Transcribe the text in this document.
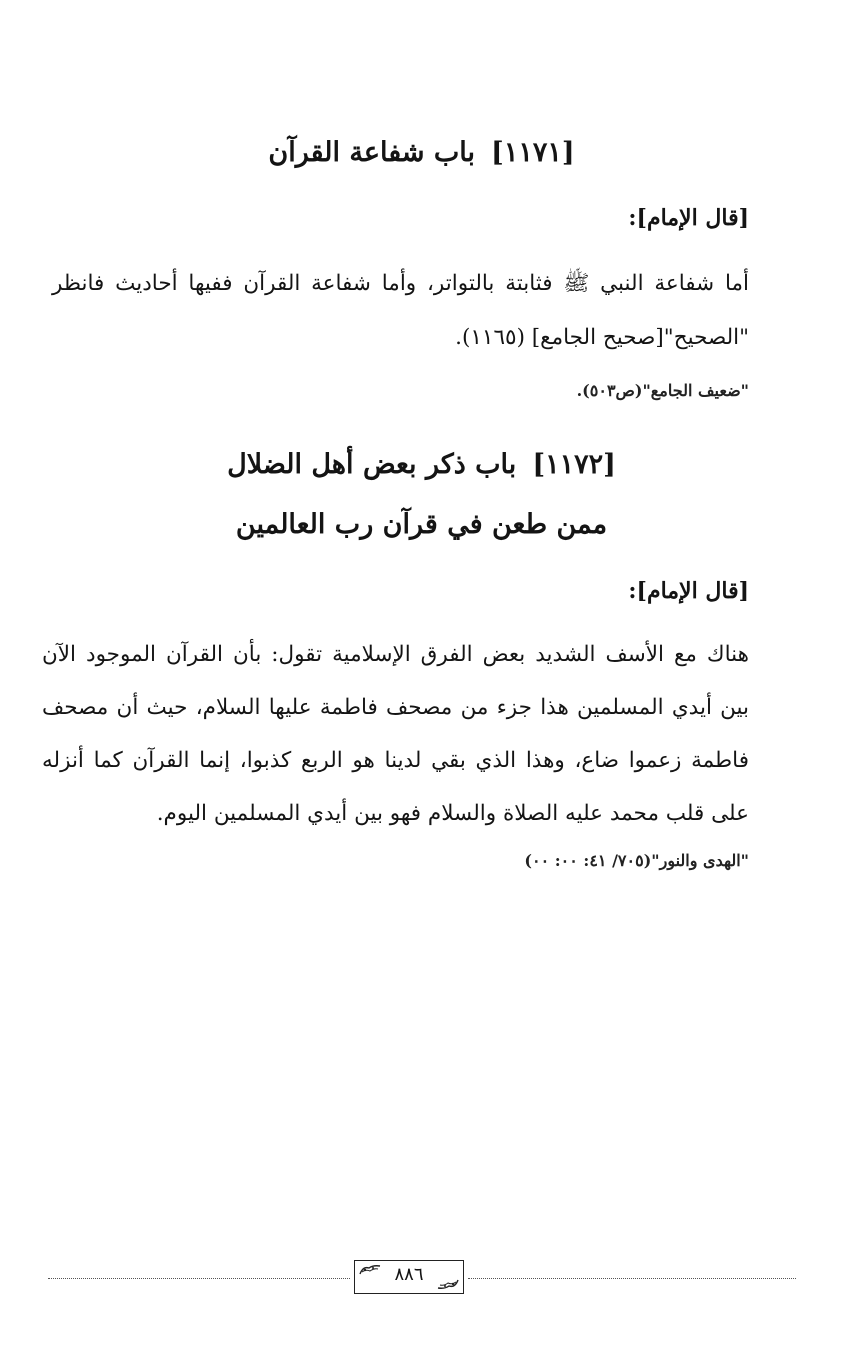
[١١٧١]باب شفاعة القرآن

[قال الإمام]:

أما شفاعة النبي ﷺ فثابتة بالتواتر، وأما شفاعة القرآن ففيها أحاديث فانظر "الصحيح"[صحيح الجامع] (١١٦٥).

"ضعيف الجامع"(ص٥٠٣).

[١١٧٢]باب ذكر بعض أهل الضلال
ممن طعن في قرآن رب العالمين

[قال الإمام]:

هناك مع الأسف الشديد بعض الفرق الإسلامية تقول: بأن القرآن الموجود الآن بين أيدي المسلمين هذا جزء من مصحف فاطمة عليها السلام، حيث أن مصحف فاطمة زعموا ضاع، وهذا الذي بقي لدينا هو الربع كذبوا، إنما القرآن كما أنزله على قلب محمد عليه الصلاة والسلام فهو بين أيدي المسلمين اليوم.

"الهدى والنور"(٧٠٥/ ٤١: ٠٠: ٠٠)

٨٨٦
